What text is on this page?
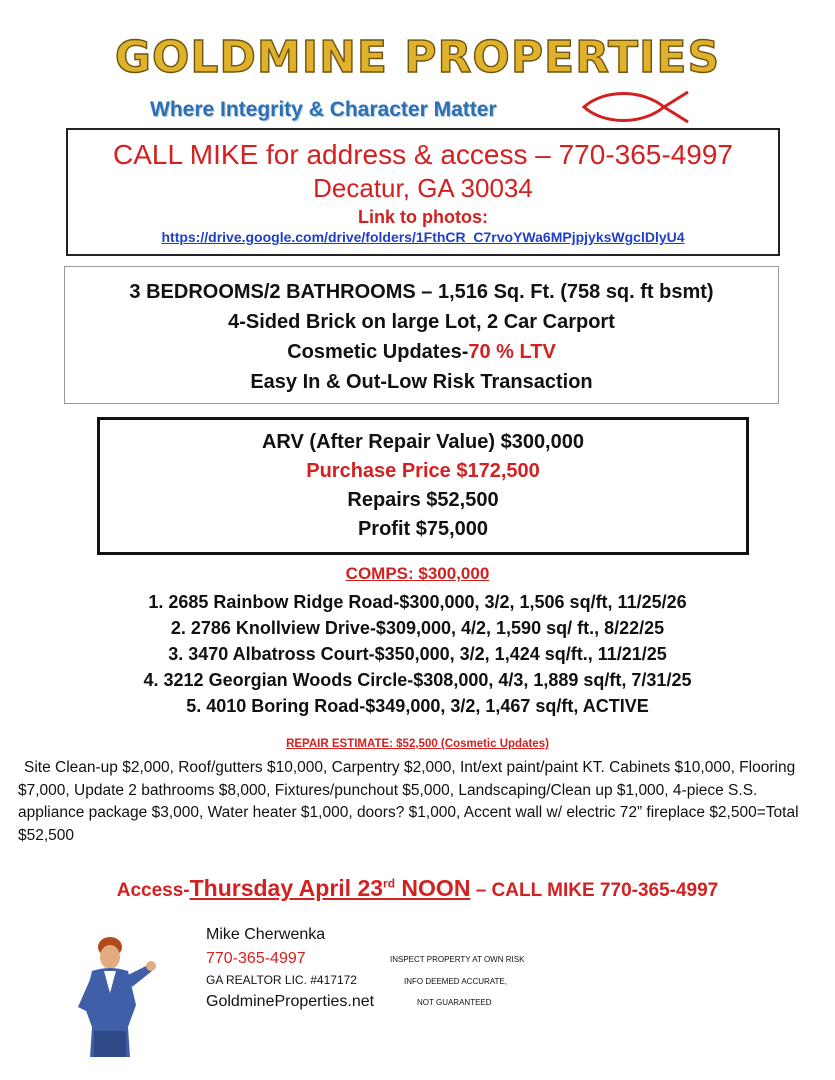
GOLDMINE PROPERTIES
Where Integrity & Character Matter
CALL MIKE for address & access – 770-365-4997
Decatur, GA 30034
Link to photos:
https://drive.google.com/drive/folders/1FthCR_C7rvoYWa6MPjpjyksWgclDlyU4
3 BEDROOMS/2 BATHROOMS – 1,516 Sq. Ft. (758 sq. ft bsmt)
4-Sided Brick on large Lot, 2 Car Carport
Cosmetic Updates-70 % LTV
Easy In & Out-Low Risk Transaction
ARV (After Repair Value) $300,000
Purchase Price $172,500
Repairs $52,500
Profit $75,000
COMPS: $300,000
1. 2685 Rainbow Ridge Road-$300,000, 3/2, 1,506 sq/ft, 11/25/26
2. 2786 Knollview Drive-$309,000, 4/2, 1,590 sq/ ft., 8/22/25
3. 3470 Albatross Court-$350,000, 3/2, 1,424 sq/ft., 11/21/25
4. 3212 Georgian Woods Circle-$308,000, 4/3, 1,889 sq/ft, 7/31/25
5. 4010 Boring Road-$349,000, 3/2, 1,467 sq/ft, ACTIVE
REPAIR ESTIMATE: $52,500 (Cosmetic Updates)
Site Clean-up $2,000, Roof/gutters $10,000, Carpentry $2,000, Int/ext paint/paint KT. Cabinets $10,000, Flooring $7,000, Update 2 bathrooms $8,000, Fixtures/punchout $5,000, Landscaping/Clean up $1,000, 4-piece S.S. appliance package $3,000, Water heater $1,000, doors? $1,000, Accent wall w/ electric 72” fireplace $2,500=Total $52,500
Access-Thursday April 23rd NOON – CALL MIKE 770-365-4997
Mike Cherwenka
770-365-4997
GA REALTOR LIC. #417172
GoldmineProperties.net
INSPECT PROPERTY AT OWN RISK
INFO DEEMED ACCURATE,
NOT GUARANTEED
